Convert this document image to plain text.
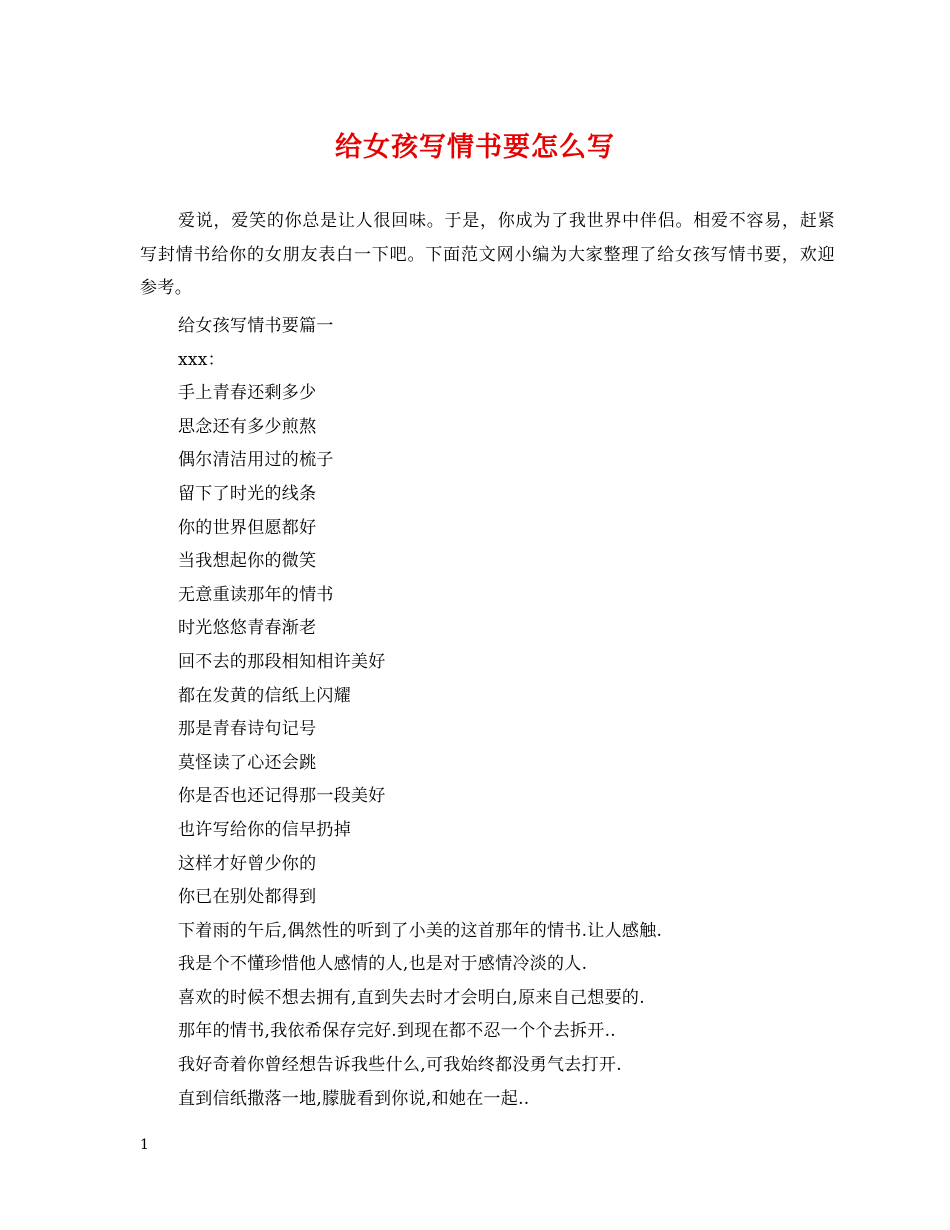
给女孩写情书要怎么写

爱说，爱笑的你总是让人很回味。于是，你成为了我世界中伴侣。相爱不容易，赶紧写封情书给你的女朋友表白一下吧。下面范文网小编为大家整理了给女孩写情书要，欢迎参考。

给女孩写情书要篇一
xxx：
手上青春还剩多少
思念还有多少煎熬
偶尔清洁用过的梳子
留下了时光的线条
你的世界但愿都好
当我想起你的微笑
无意重读那年的情书
时光悠悠青春渐老
回不去的那段相知相许美好
都在发黄的信纸上闪耀
那是青春诗句记号
莫怪读了心还会跳
你是否也还记得那一段美好
也许写给你的信早扔掉
这样才好曾少你的
你已在别处都得到
下着雨的午后,偶然性的听到了小美的这首那年的情书.让人感触.
我是个不懂珍惜他人感情的人,也是对于感情冷淡的人.
喜欢的时候不想去拥有,直到失去时才会明白,原来自己想要的.
那年的情书,我依希保存完好.到现在都不忍一个个去拆开..
我好奇着你曾经想告诉我些什么,可我始终都没勇气去打开.
直到信纸撒落一地,朦胧看到你说,和她在一起..
1
